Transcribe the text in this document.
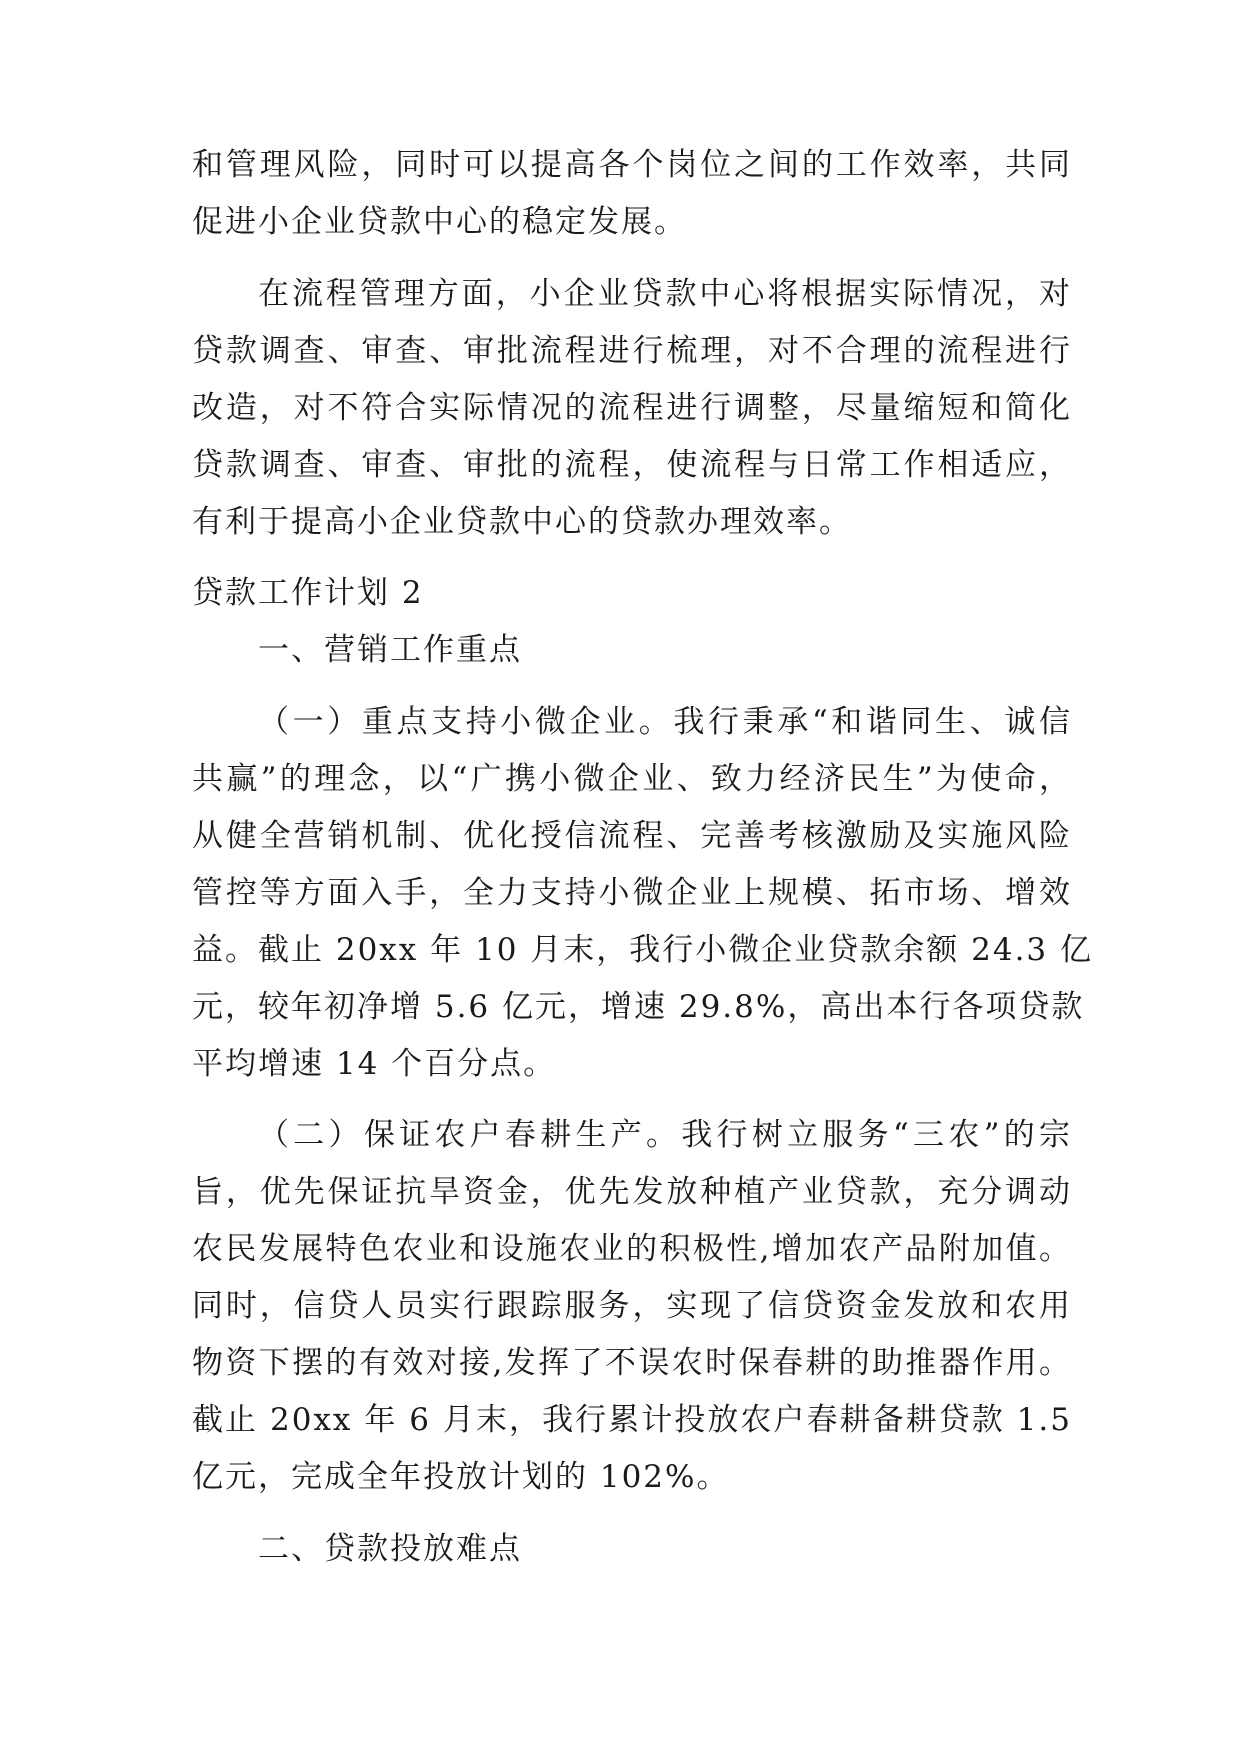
和管理风险，同时可以提高各个岗位之间的工作效率，共同
促进小企业贷款中心的稳定发展。
在流程管理方面，小企业贷款中心将根据实际情况，对
贷款调查、审查、审批流程进行梳理，对不合理的流程进行
改造，对不符合实际情况的流程进行调整，尽量缩短和简化
贷款调查、审查、审批的流程，使流程与日常工作相适应，
有利于提高小企业贷款中心的贷款办理效率。
贷款工作计划 2
一、营销工作重点
（一）重点支持小微企业。我行秉承“和谐同生、诚信
共赢”的理念，以“广携小微企业、致力经济民生”为使命，
从健全营销机制、优化授信流程、完善考核激励及实施风险
管控等方面入手，全力支持小微企业上规模、拓市场、增效
益。截止 20xx 年 10 月末，我行小微企业贷款余额 24.3 亿
元，较年初净增 5.6 亿元，增速 29.8%，高出本行各项贷款
平均增速 14 个百分点。
（二）保证农户春耕生产。我行树立服务“三农”的宗
旨，优先保证抗旱资金，优先发放种植产业贷款，充分调动
农民发展特色农业和设施农业的积极性,增加农产品附加值。
同时，信贷人员实行跟踪服务，实现了信贷资金发放和农用
物资下摆的有效对接,发挥了不误农时保春耕的助推器作用。
截止 20xx 年 6 月末，我行累计投放农户春耕备耕贷款 1.5
亿元，完成全年投放计划的 102%。
二、贷款投放难点
